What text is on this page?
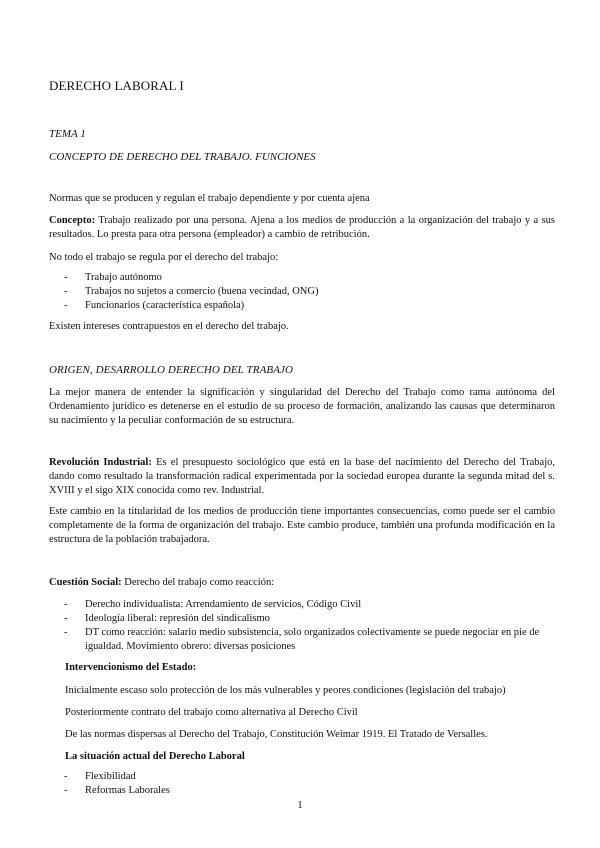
DERECHO LABORAL I
TEMA 1
CONCEPTO DE DERECHO DEL TRABAJO. FUNCIONES

Normas que se producen y regulan el trabajo dependiente y por cuenta ajena

Concepto: Trabajo realizado por una persona. Ajena a los medios de producción a la organización del trabajo y a sus resultados. Lo presta para otra persona (empleador) a cambio de retribución.

No todo el trabajo se regula por el derecho del trabajo:

- Trabajo autónomo
- Trabajos no sujetos a comercio (buena vecindad, ONG)
- Funcionarios (característica española)

Existen intereses contrapuestos en el derecho del trabajo.

ORIGEN, DESARROLLO DERECHO DEL TRABAJO

La mejor manera de entender la significación y singularidad del Derecho del Trabajo como rama autónoma del Ordenamiento jurídico es detenerse en el estudio de su proceso de formación, analizando las causas que determinaron su nacimiento y la peculiar conformación de su estructura.

Revolución Industrial: Es el presupuesto sociológico que está en la base del nacimiento del Derecho del Trabajo, dando como resultado la transformación radical experimentada por la sociedad europea durante la segunda mitad del s. XVIII y el sigo XIX conocida como rev. Industrial.

Este cambio en la titularidad de los medios de producción tiene importantes consecuencias, como puede ser el cambio completamente de la forma de organización del trabajo. Este cambio produce, también una profunda modificación en la estructura de la población trabajadora.

Cuestión Social: Derecho del trabajo como reacción:

- Derecho individualista: Arrendamiento de servicios, Código Civil
- Ideología liberal: represión del sindicalismo
- DT como reacción: salario medio subsistencia, solo organizados colectivamente se puede negociar en pie de igualdad. Movimiento obrero: diversas posiciones
Intervencionismo del Estado:

Inicialmente escaso solo protección de los más vulnerables y peores condiciones (legislación del trabajo)

Posteriormente contrato del trabajo como alternativa al Derecho Civil

De las normas dispersas al Derecho del Trabajo, Constitución Weimar 1919. El Tratado de Versalles.

La situación actual del Derecho Laboral
- Flexibilidad
- Reformas Laborales
1
